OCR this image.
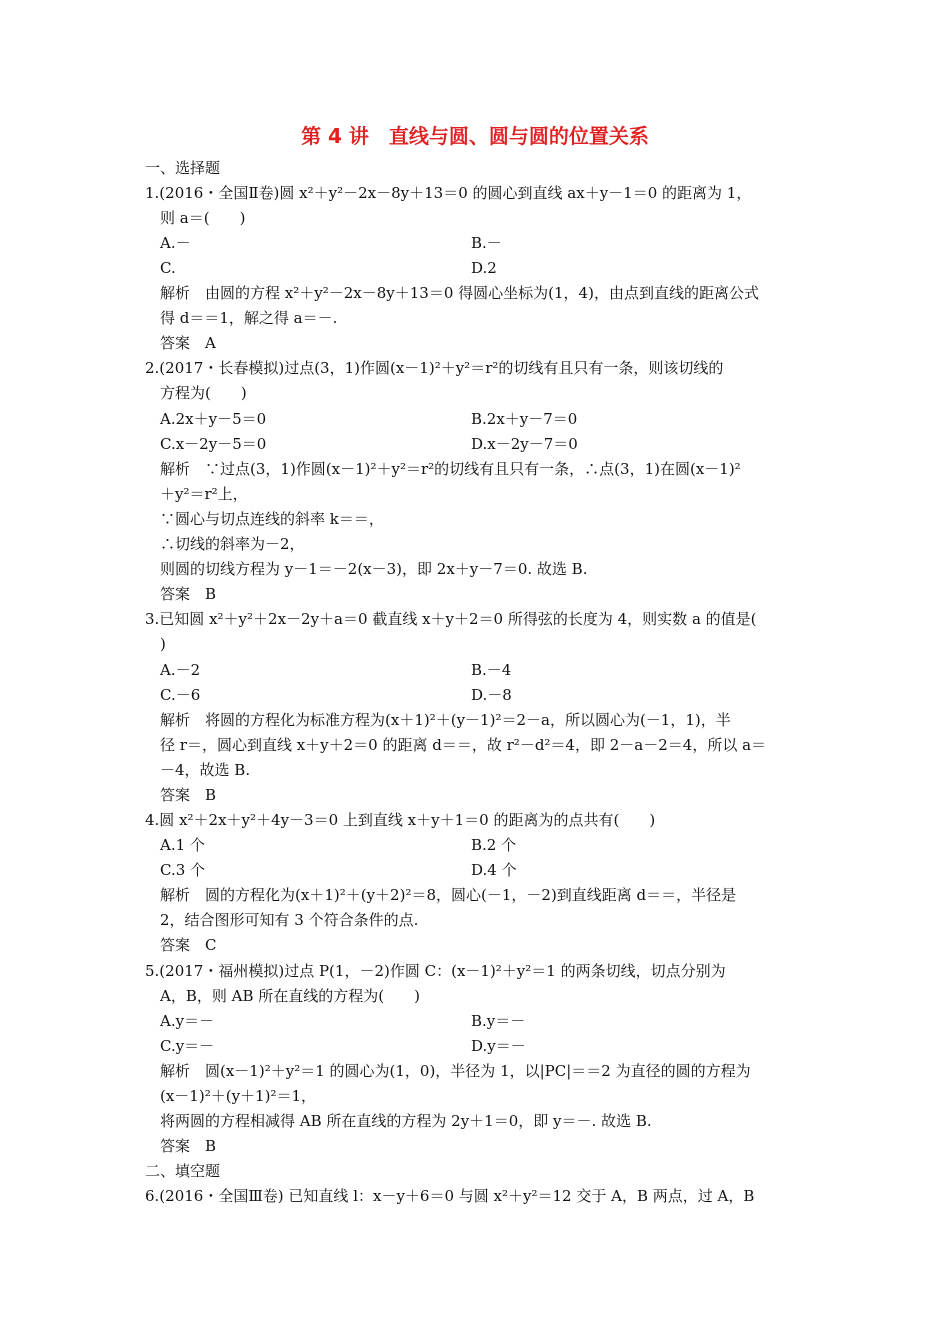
第 4 讲　直线与圆、圆与圆的位置关系
一、选择题
1.(2016・全国Ⅱ卷)圆 x²＋y²－2x－8y＋13＝0 的圆心到直线 ax＋y－1＝0 的距离为 1，
则 a＝(　　)
A.－	B.－
C.	D.2
解析　由圆的方程 x²＋y²－2x－8y＋13＝0 得圆心坐标为(1，4)，由点到直线的距离公式
得 d＝＝1，解之得 a＝－.
答案　A
2.(2017・长春模拟)过点(3，1)作圆(x－1)²＋y²＝r²的切线有且只有一条，则该切线的
方程为(　　)
A.2x＋y－5＝0	B.2x＋y－7＝0
C.x－2y－5＝0	D.x－2y－7＝0
解析　∵过点(3，1)作圆(x－1)²＋y²＝r²的切线有且只有一条，∴点(3，1)在圆(x－1)²
＋y²＝r²上，
∵圆心与切点连线的斜率 k＝＝，
∴切线的斜率为－2，
则圆的切线方程为 y－1＝－2(x－3)，即 2x＋y－7＝0. 故选 B.
答案　B
3.已知圆 x²＋y²＋2x－2y＋a＝0 截直线 x＋y＋2＝0 所得弦的长度为 4，则实数 a 的值是(
)
A.－2	B.－4
C.－6	D.－8
解析　将圆的方程化为标准方程为(x＋1)²＋(y－1)²＝2－a，所以圆心为(－1，1)，半
径 r＝，圆心到直线 x＋y＋2＝0 的距离 d＝＝，故 r²－d²＝4，即 2－a－2＝4，所以 a＝
－4，故选 B.
答案　B
4.圆 x²＋2x＋y²＋4y－3＝0 上到直线 x＋y＋1＝0 的距离为的点共有(　　)
A.1 个	B.2 个
C.3 个	D.4 个
解析　圆的方程化为(x＋1)²＋(y＋2)²＝8，圆心(－1，－2)到直线距离 d＝＝，半径是
2，结合图形可知有 3 个符合条件的点.
答案　C
5.(2017・福州模拟)过点 P(1，－2)作圆 C：(x－1)²＋y²＝1 的两条切线，切点分别为
A，B，则 AB 所在直线的方程为(　　)
A.y＝－	B.y＝－
C.y＝－	D.y＝－
解析　圆(x－1)²＋y²＝1 的圆心为(1，0)，半径为 1，以|PC|＝＝2 为直径的圆的方程为
(x－1)²＋(y＋1)²＝1，
将两圆的方程相减得 AB 所在直线的方程为 2y＋1＝0，即 y＝－. 故选 B.
答案　B
二、填空题
6.(2016・全国Ⅲ卷) 已知直线 l：x－y＋6＝0 与圆 x²＋y²＝12 交于 A，B 两点，过 A，B
